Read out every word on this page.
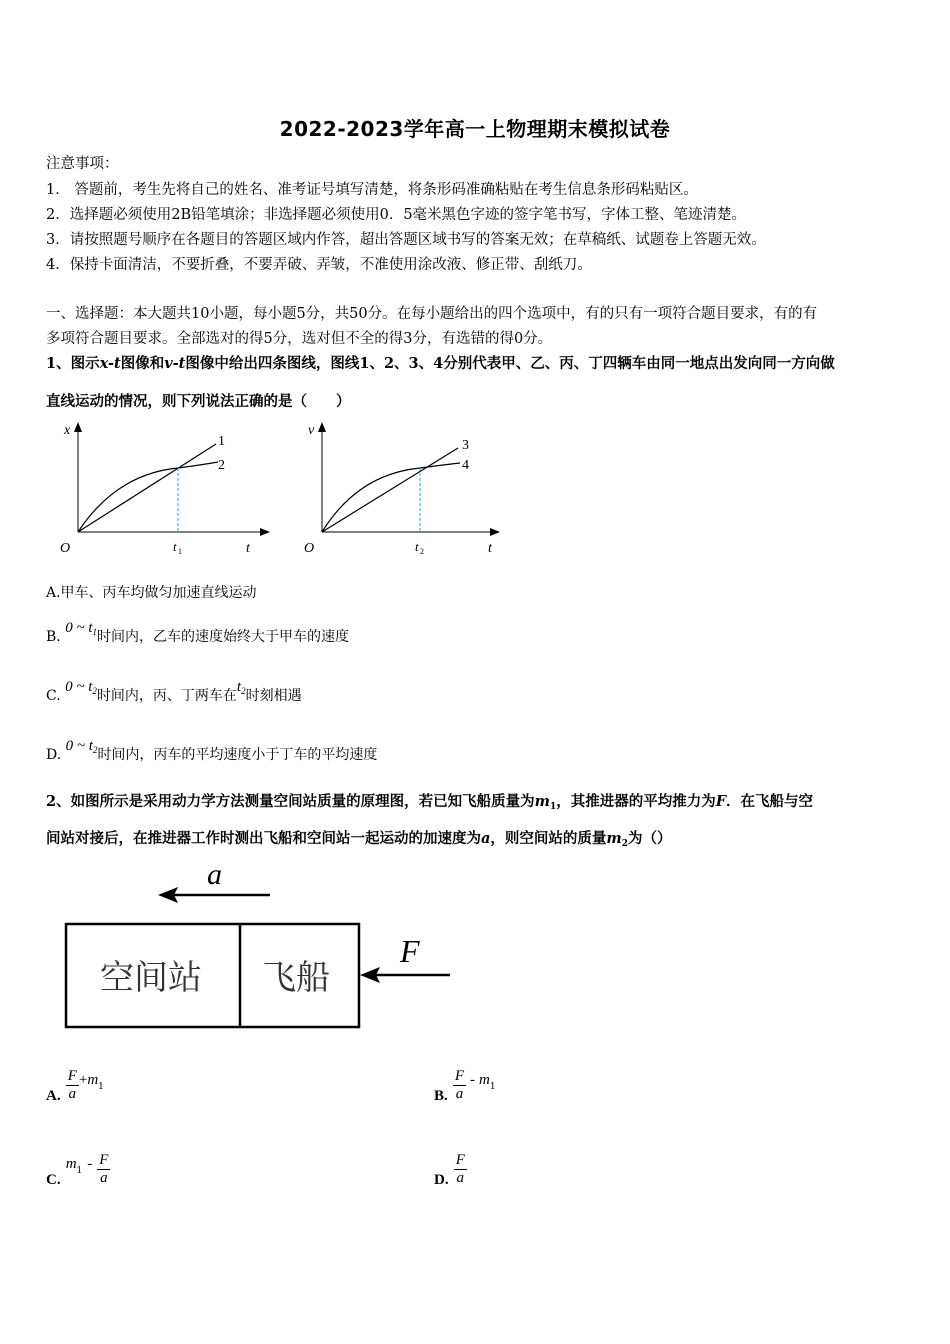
2022-2023学年高一上物理期末模拟试卷
注意事项：
1． 答题前，考生先将自己的姓名、准考证号填写清楚，将条形码准确粘贴在考生信息条形码粘贴区。
2．选择题必须使用2B铅笔填涂；非选择题必须使用0．5毫米黑色字迹的签字笔书写，字体工整、笔迹清楚。
3．请按照题号顺序在各题目的答题区域内作答，超出答题区域书写的答案无效；在草稿纸、试题卷上答题无效。
4．保持卡面清洁，不要折叠，不要弄破、弄皱，不准使用涂改液、修正带、刮纸刀。
一、选择题：本大题共10小题，每小题5分，共50分。在每小题给出的四个选项中，有的只有一项符合题目要求，有的有
多项符合题目要求。全部选对的得5分，选对但不全的得3分，有选错的得0分。
1、图示x-t图像和v-t图像中给出四条图线，图线1、2、3、4分别代表甲、乙、丙、丁四辆车由同一地点出发向同一方向做
直线运动的情况，则下列说法正确的是（　　）
x
t
O	t 1
1
2
v
t
O	t 2
3
4
A.甲车、丙车均做匀加速直线运动
B. 0 ~ $t_1$时间内，乙车的速度始终大于甲车的速度
C. 0 ~ $t_2$时间内，丙、丁两车在$t_2$时刻相遇
D. 0 ~ $t_2$时间内，丙车的平均速度小于丁车的平均速度
2、如图所示是采用动力学方法测量空间站质量的原理图，若已知飞船质量为$m_1$，其推进器的平均推力为F．在飞船与空
间站对接后，在推进器工作时测出飞船和空间站一起运动的加速度为a，则空间站的质量$m_2$为（）
a
空间站 飞船
F
A. $\frac{F}{a} +m_1$
B. $\frac{F}{a} - m_1$
C. $m_1 - \frac{F}{a}$	D. $\frac{F}{a}$
